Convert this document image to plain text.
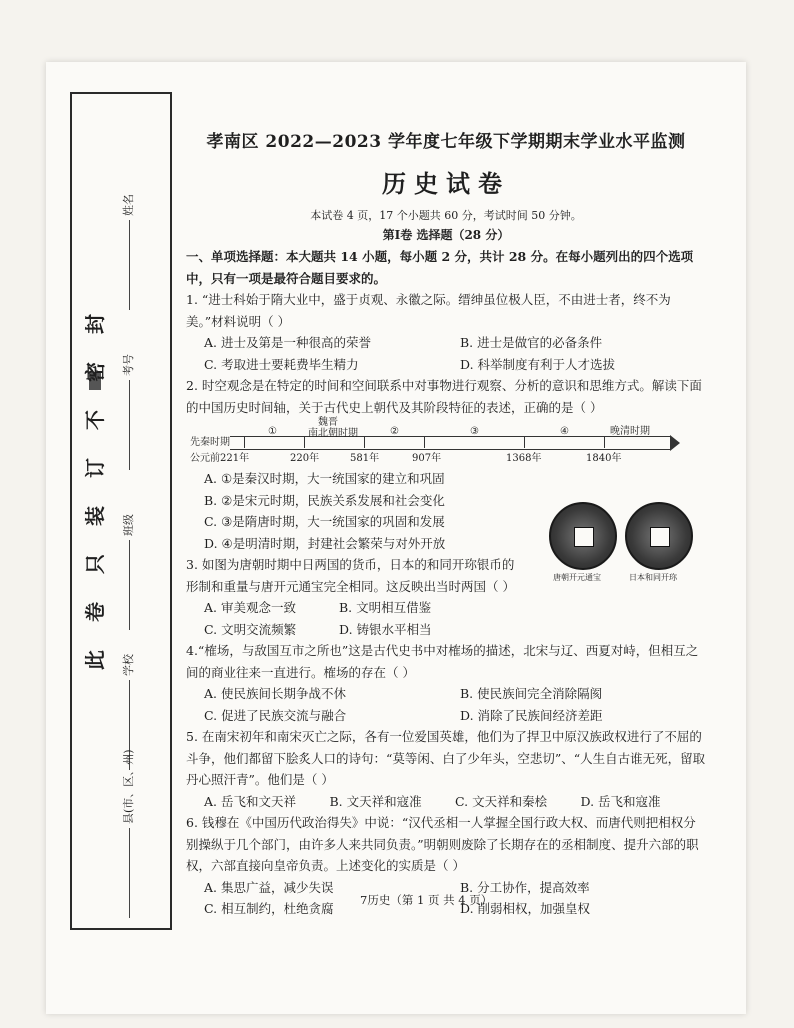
封
密
不
订
装
只
卷
此
姓名
考号
班级
学校
县(市、区、州)

孝南区 2022—2023 学年度七年级下学期期末学业水平监测

历史试卷

本试卷 4 页，17 个小题共 60 分，考试时间 50 分钟。

第Ⅰ卷 选择题（28 分）

一、单项选择题：本大题共 14 小题，每小题 2 分，共计 28 分。在每小题列出的四个选项中，只有一项是最符合题目要求的。

1. “进士科始于隋大业中，盛于贞观、永徽之际。缙绅虽位极人臣，不由进士者，终不为美。”材料说明（ ）

A. 进士及第是一种很高的荣誉	B. 进士是做官的必备条件
C. 考取进士要耗费毕生精力	D. 科举制度有利于人才选拔

2. 时空观念是在特定的时间和空间联系中对事物进行观察、分析的意识和思维方式。解读下面的中国历史时间轴，关于古代史上朝代及其阶段特征的表述，正确的是（ ）

先秦时期
①
魏晋
南北朝时期	②	③	④	晚清时期
公元前221年	220年	581年	907年	1368年	1840年
A. ①是秦汉时期，大一统国家的建立和巩固
B. ②是宋元时期，民族关系发展和社会变化
C. ③是隋唐时期，大一统国家的巩固和发展
D. ④是明清时期，封建社会繁荣与对外开放

3. 如图为唐朝时期中日两国的货币，日本的和同开珎银币的形制和重量与唐开元通宝完全相同。这反映出当时两国（ ）

A. 审美观念一致	B. 文明相互借鉴
C. 文明交流频繁	D. 铸银水平相当

4.“榷场，与敌国互市之所也”这是古代史书中对榷场的描述，北宋与辽、西夏对峙，但相互之间的商业往来一直进行。榷场的存在（ ）

A. 使民族间长期争战不休	B. 使民族间完全消除隔阂
C. 促进了民族交流与融合	D. 消除了民族间经济差距

5. 在南宋初年和南宋灭亡之际，各有一位爱国英雄，他们为了捍卫中原汉族政权进行了不屈的斗争，他们都留下脍炙人口的诗句：“莫等闲、白了少年头，空悲切”、“人生自古谁无死，留取丹心照汗青”。他们是（ ）

A. 岳飞和文天祥	B. 文天祥和寇准	C. 文天祥和秦桧	D. 岳飞和寇准

6. 钱穆在《中国历代政治得失》中说：“汉代丞相一人掌握全国行政大权、而唐代则把相权分别操纵于几个部门，由许多人来共同负责。”明朝则废除了长期存在的丞相制度、提升六部的职权，六部直接向皇帝负责。上述变化的实质是（ ）

A. 集思广益，减少失误	B. 分工协作，提高效率
C. 相互制约，杜绝贪腐	D. 削弱相权，加强皇权
唐朝开元通宝	日本和同开珎
7历史（第 1 页 共 4 页）
